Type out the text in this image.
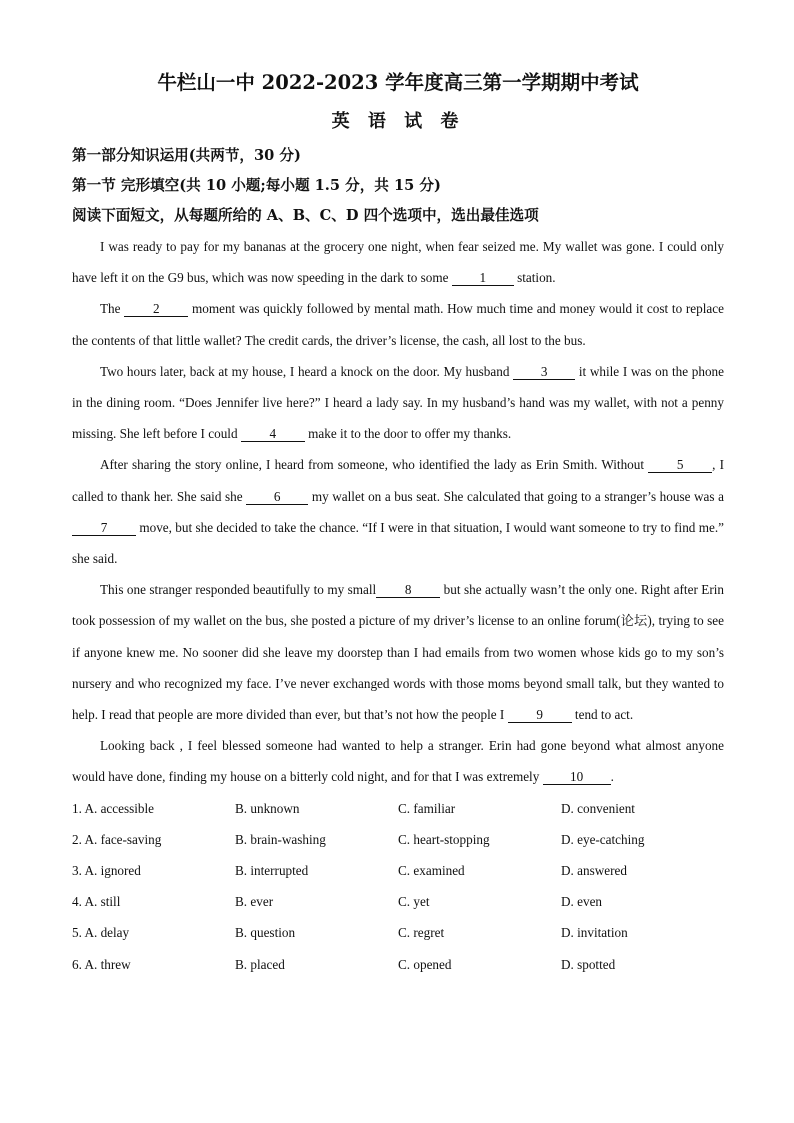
牛栏山一中 2022-2023 学年度高三第一学期期中考试
英 语 试 卷
第一部分知识运用(共两节，30 分)
第一节 完形填空(共 10 小题;每小题 1.5 分，共 15 分)
阅读下面短文，从每题所给的 A、B、C、D 四个选项中，选出最佳选项

I was ready to pay for my bananas at the grocery one night, when fear seized me. My wallet was gone. I could only have left it on the G9 bus, which was now speeding in the dark to some 1 station.

The 2 moment was quickly followed by mental math. How much time and money would it cost to replace the contents of that little wallet? The credit cards, the driver’s license, the cash, all lost to the bus.

Two hours later, back at my house, I heard a knock on the door. My husband 3 it while I was on the phone in the dining room. “Does Jennifer live here?” I heard a lady say. In my husband’s hand was my wallet, with not a penny missing. She left before I could 4 make it to the door to offer my thanks.

After sharing the story online, I heard from someone, who identified the lady as Erin Smith. Without 5 , I called to thank her. She said she 6 my wallet on a bus seat. She calculated that going to a stranger’s house was a 7 move, but she decided to take the chance. “If I were in that situation, I would want someone to try to find me.” she said.

This one stranger responded beautifully to my small 8 but she actually wasn’t the only one. Right after Erin took possession of my wallet on the bus, she posted a picture of my driver’s license to an online forum(论坛), trying to see if anyone knew me. No sooner did she leave my doorstep than I had emails from two women whose kids go to my son’s nursery and who recognized my face. I’ve never exchanged words with those moms beyond small talk, but they wanted to help. I read that people are more divided than ever, but that’s not how the people I 9 tend to act.

Looking back , I feel blessed someone had wanted to help a stranger. Erin had gone beyond what almost anyone would have done, finding my house on a bitterly cold night, and for that I was extremely 10 .

1. A. accessible	B. unknown	C. familiar	D. convenient
2. A. face-saving	B. brain-washing	C. heart-stopping	D. eye-catching
3. A. ignored	B. interrupted	C. examined	D. answered
4. A. still	B. ever	C. yet	D. even
5. A. delay	B. question	C. regret	D. invitation
6. A. threw	B. placed	C. opened	D. spotted
